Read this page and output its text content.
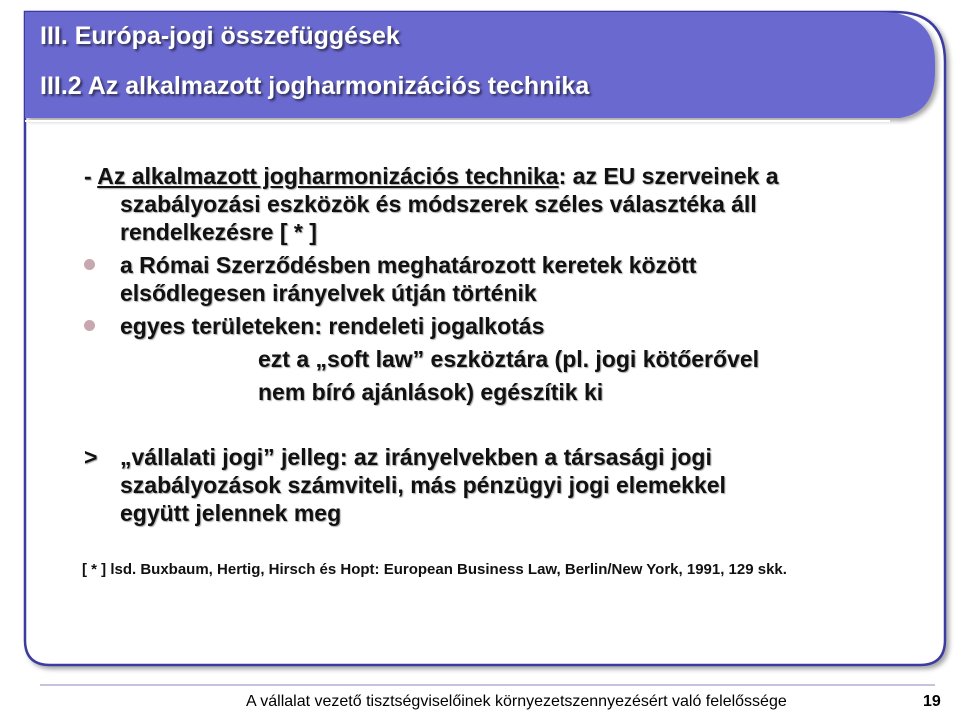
III. Európa-jogi összefüggések
III.2 Az alkalmazott jogharmonizációs technika
- Az alkalmazott jogharmonizációs technika: az EU szerveinek a
szabályozási eszközök és módszerek széles választéka áll
rendelkezésre [ * ]
a Római Szerződésben meghatározott keretek között
elsődlegesen irányelvek útján történik
egyes területeken: rendeleti jogalkotás
ezt a „soft law” eszköztára (pl. jogi kötőerővel
nem bíró ajánlások) egészítik ki
> „vállalati jogi” jelleg: az irányelvekben a társasági jogi
szabályozások számviteli, más pénzügyi jogi elemekkel
együtt jelennek meg
[ * ] lsd. Buxbaum, Hertig, Hirsch és Hopt: European Business Law, Berlin/New York, 1991, 129 skk.
A vállalat vezető tisztségviselőinek környezetszennyezésért való felelőssége	19
